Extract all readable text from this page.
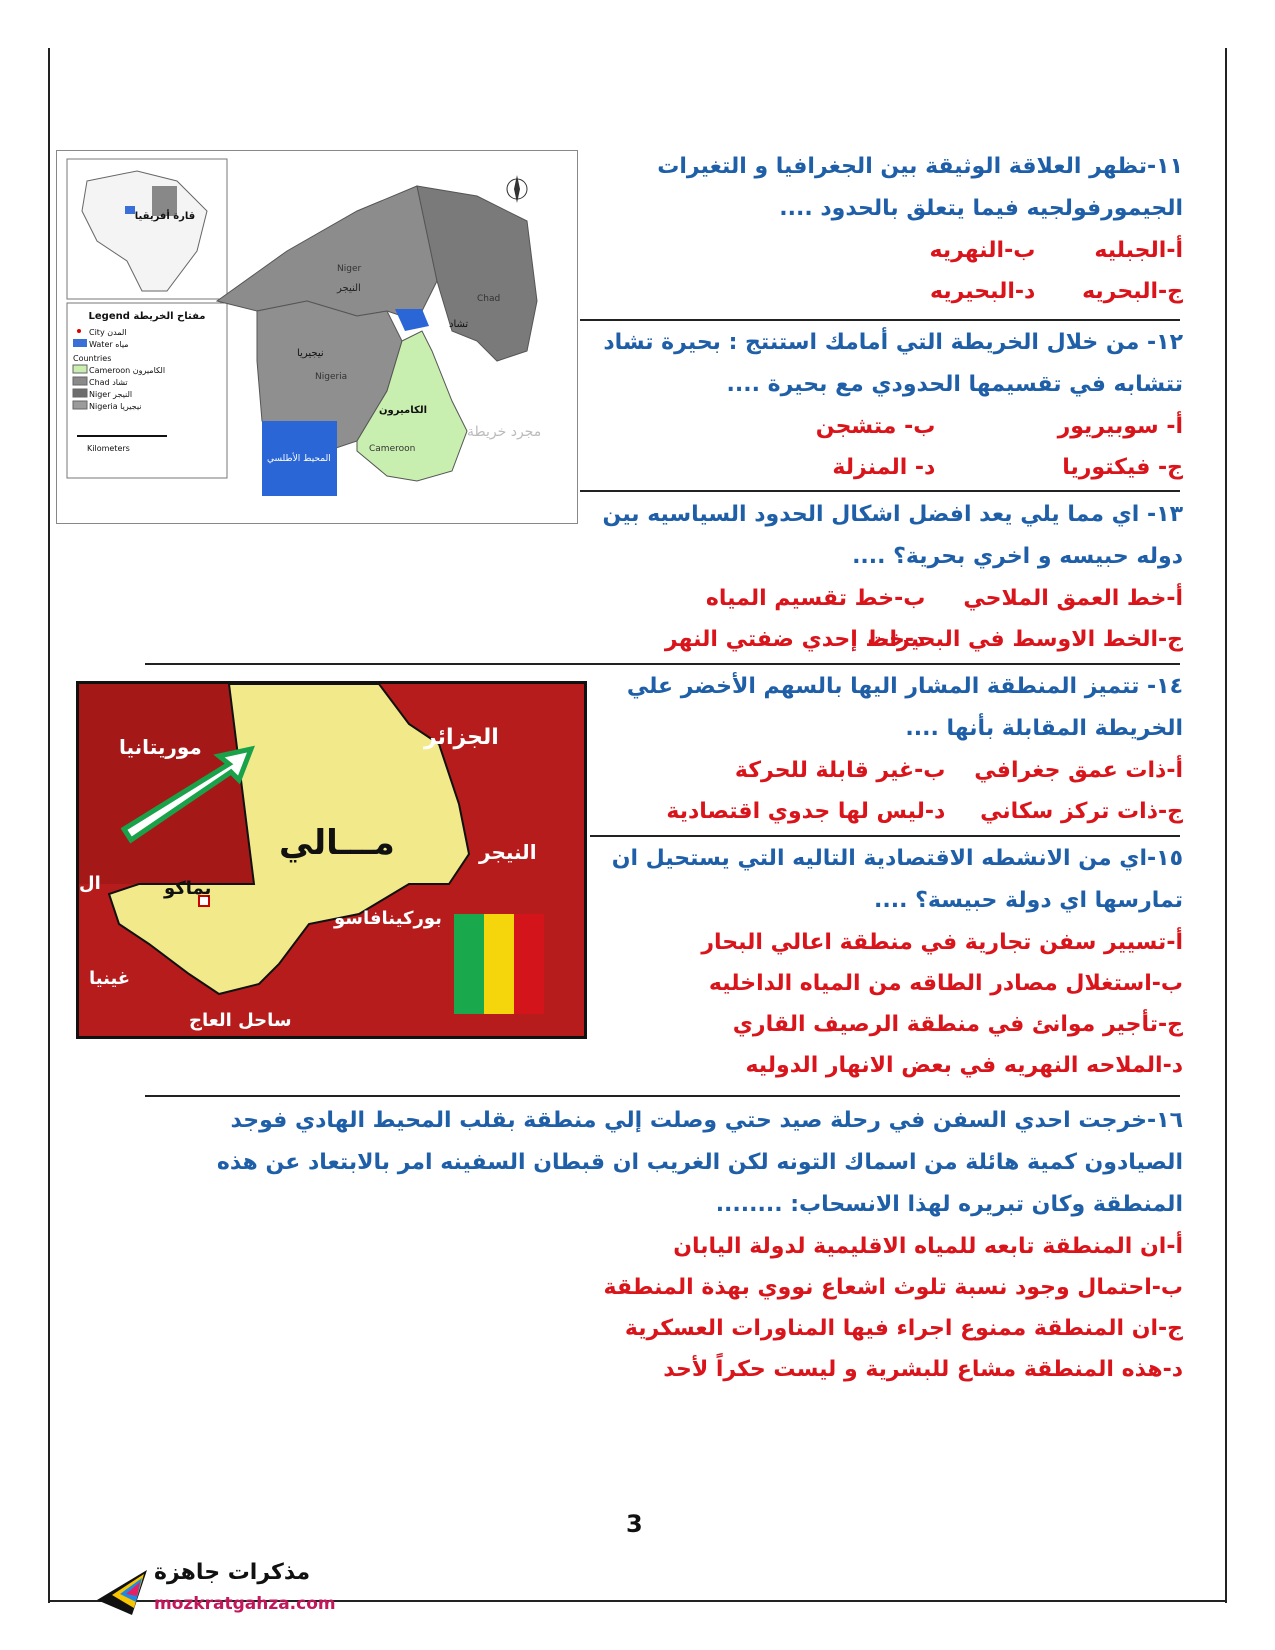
قارة أفريقيا
Legend مفتاح الخريطة
City المدن
Water مياه
Countries
Cameroon الكاميرون
Chad تشاد
Niger النيجر
Nigeria نيجيريا
Kilometers
Niger
النيجر
Chad
تشاد
نيجيريا
Nigeria
الكاميرون
Cameroon
المحيط الأطلسي
مجرد خريطة
١١-تظهر العلاقة الوثيقة بين الجغرافيا و التغيرات الجيمورفولجيه فيما يتعلق بالحدود ....
أ-الجبليه ب-النهريه
ج-البحريه د-البحيريه
١٢- من خلال الخريطة التي أمامك استنتج : بحيرة تشاد تتشابه في تقسيمها الحدودي مع بحيرة ....
أ- سوبيريور ب- متشجن
ج- فيكتوريا د- المنزلة
١٣- اي مما يلي يعد افضل اشكال الحدود السياسيه بين دوله حبيسه و اخري بحرية؟ ....
أ-خط العمق الملاحي ب-خط تقسيم المياه
ج-الخط الاوسط في البحيرات د-خط إحدي ضفتي النهر
مـــالي
موريتانيا	الجزائر
النيجر
بماكو
بوركينافاسو
غينيا
ساحل العاج
ال
١٤- تتميز المنطقة المشار اليها بالسهم الأخضر علي الخريطة المقابلة بأنها ....
أ-ذات عمق جغرافي ب-غير قابلة للحركة
ج-ذات تركز سكاني د-ليس لها جدوي اقتصادية
١٥-اي من الانشطه الاقتصادية التاليه التي يستحيل ان تمارسها اي دولة حبيسة؟ ....
أ-تسيير سفن تجارية في منطقة اعالي البحار
ب-استغلال مصادر الطاقه من المياه الداخليه
ج-تأجير موانئ في منطقة الرصيف القاري
د-الملاحه النهريه في بعض الانهار الدوليه
١٦-خرجت احدي السفن في رحلة صيد حتي وصلت إلي منطقة بقلب المحيط الهادي فوجد الصيادون كمية هائلة من اسماك التونه لكن الغريب ان قبطان السفينه امر بالابتعاد عن هذه المنطقة وكان تبريره لهذا الانسحاب: ........
أ-ان المنطقة تابعه للمياه الاقليمية لدولة اليابان
ب-احتمال وجود نسبة تلوث اشعاع نووي بهذة المنطقة
ج-ان المنطقة ممنوع اجراء فيها المناورات العسكرية
د-هذه المنطقة مشاع للبشرية و ليست حكراً لأحد
3
مذكرات جاهزة
mozkratgahza.com
